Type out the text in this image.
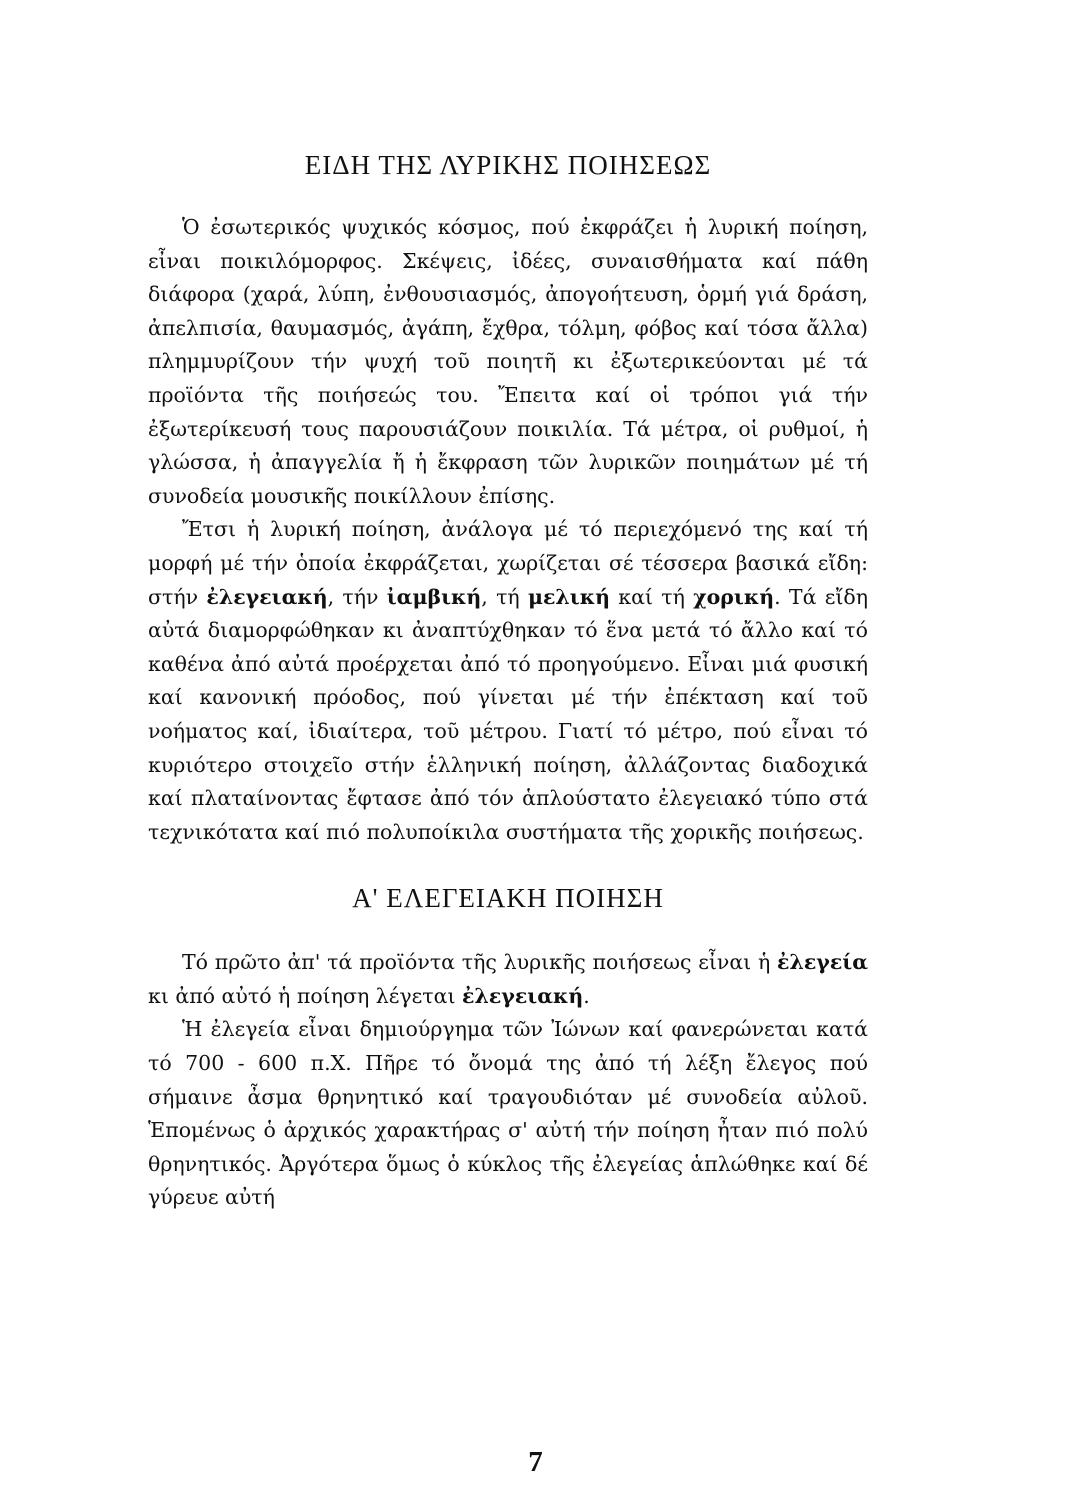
ΕΙΔΗ ΤΗΣ ΛΥΡΙΚΗΣ ΠΟΙΗΣΕΩΣ

Ὁ ἐσωτερικός ψυχικός κόσμος, πού ἐκφράζει ἡ λυρική ποίηση, εἶναι ποικιλόμορφος. Σκέψεις, ἰδέες, συναισθήματα καί πάθη διάφορα (χαρά, λύπη, ἐνθουσιασμός, ἀπογοήτευση, ὁρμή γιά δράση, ἀπελπισία, θαυμασμός, ἀγάπη, ἔχθρα, τόλμη, φόβος καί τόσα ἄλλα) πλημμυρίζουν τήν ψυχή τοῦ ποιητῆ κι ἐξωτερικεύονται μέ τά προϊόντα τῆς ποιήσεώς του. Ἔπειτα καί οἱ τρόποι γιά τήν ἐξωτερίκευσή τους παρουσιάζουν ποικιλία. Τά μέτρα, οἱ ρυθμοί, ἡ γλώσσα, ἡ ἀπαγγελία ἤ ἡ ἔκφραση τῶν λυρικῶν ποιημάτων μέ τή συνοδεία μουσικῆς ποικίλλουν ἐπίσης.

Ἔτσι ἡ λυρική ποίηση, ἀνάλογα μέ τό περιεχόμενό της καί τή μορφή μέ τήν ὁποία ἐκφράζεται, χωρίζεται σέ τέσσερα βασικά εἴδη: στήν ἐλεγειακή, τήν ἰαμβική, τή μελική καί τή χορική. Τά εἴδη αὐτά διαμορφώθηκαν κι ἀναπτύχθηκαν τό ἕνα μετά τό ἄλλο καί τό καθένα ἀπό αὐτά προέρχεται ἀπό τό προηγούμενο. Εἶναι μιά φυσική καί κανονική πρόοδος, πού γίνεται μέ τήν ἐπέκταση καί τοῦ νοήματος καί, ἰδιαίτερα, τοῦ μέτρου. Γιατί τό μέτρο, πού εἶναι τό κυριότερο στοιχεῖο στήν ἑλληνική ποίηση, ἀλλάζοντας διαδοχικά καί πλαταίνοντας ἔφτασε ἀπό τόν ἁπλούστατο ἐλεγειακό τύπο στά τεχνικότατα καί πιό πολυποίκιλα συστήματα τῆς χορικῆς ποιήσεως.

Α' ΕΛΕΓΕΙΑΚΗ ΠΟΙΗΣΗ

Τό πρῶτο ἀπ' τά προϊόντα τῆς λυρικῆς ποιήσεως εἶναι ἡ ἐλεγεία κι ἀπό αὐτό ἡ ποίηση λέγεται ἐλεγειακή.

Ἡ ἐλεγεία εἶναι δημιούργημα τῶν Ἰώνων καί φανερώνεται κατά τό 700 - 600 π.Χ. Πῆρε τό ὄνομά της ἀπό τή λέξη ἔλεγος πού σήμαινε ἆσμα θρηνητικό καί τραγουδιόταν μέ συνοδεία αὐλοῦ. Ἑπομένως ὁ ἀρχικός χαρακτήρας σ' αὐτή τήν ποίηση ἦταν πιό πολύ θρηνητικός. Ἀργότερα ὅμως ὁ κύκλος τῆς ἐλεγείας ἁπλώθηκε καί δέ γύρευε αὐτή

7
